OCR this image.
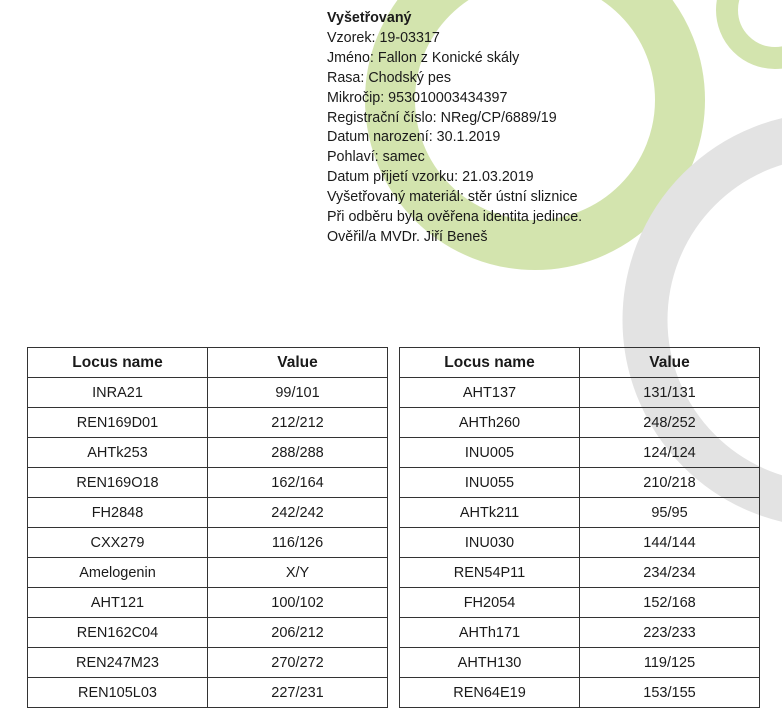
Vyšetřovaný
Vzorek: 19-03317
Jméno: Fallon z Konické skály
Rasa: Chodský pes
Mikročip: 953010003434397
Registrační číslo: NReg/CP/6889/19
Datum narození: 30.1.2019
Pohlaví: samec
Datum přijetí vzorku: 21.03.2019
Vyšetřovaný materiál: stěr ústní sliznice
Při odběru byla ověřena identita jedince.
Ověřil/a MVDr. Jiří Beneš
Locus name	Value
INRA21	99/101
REN169D01	212/212
AHTk253	288/288
REN169O18	162/164
FH2848	242/242
CXX279	116/126
Amelogenin	X/Y
AHT121	100/102
REN162C04	206/212
REN247M23	270/272
REN105L03	227/231
Locus name	Value
AHT137	131/131
AHTh260	248/252
INU005	124/124
INU055	210/218
AHTk211	95/95
INU030	144/144
REN54P11	234/234
FH2054	152/168
AHTh171	223/233
AHTH130	119/125
REN64E19	153/155
